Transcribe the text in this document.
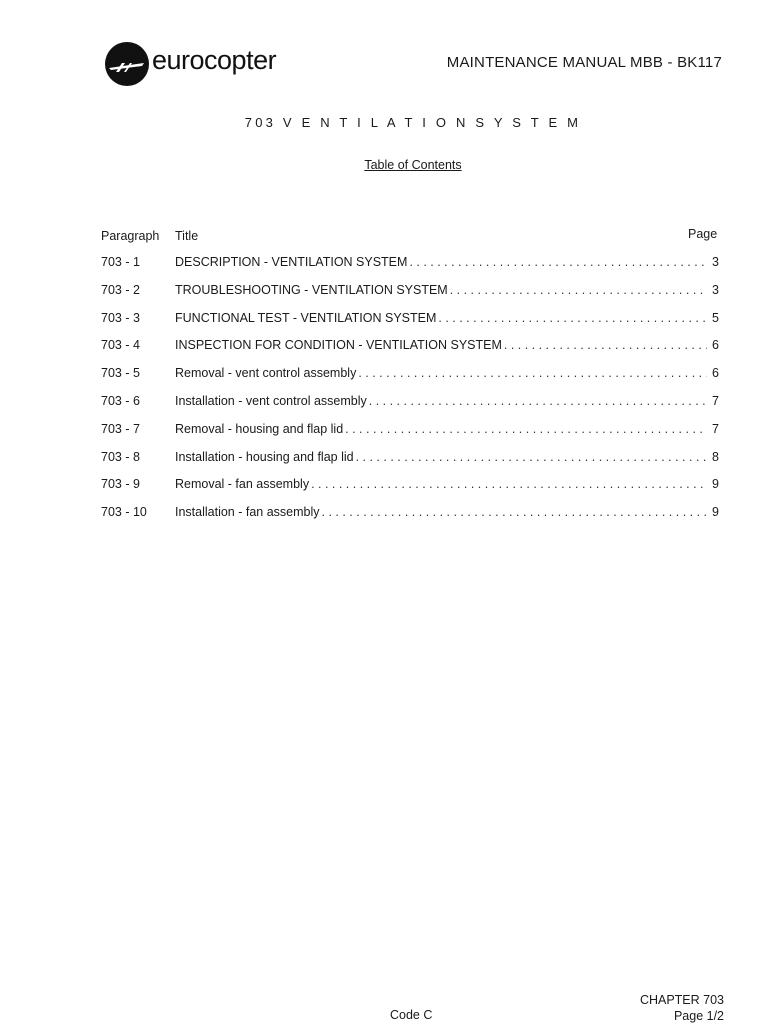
eurocopter	MAINTENANCE MANUAL MBB - BK117
703 V E N T I L A T I O N S Y S T E M
Table of Contents
Paragraph Title	Page
703 - 1	DESCRIPTION - VENTILATION SYSTEM . . .	3
703 - 2	TROUBLESHOOTING - VENTILATION SYSTEM . . .	3
703 - 3	FUNCTIONAL TEST - VENTILATION SYSTEM . . .	5
703 - 4	INSPECTION FOR CONDITION - VENTILATION SYSTEM . . .	6
703 - 5	Removal - vent control assembly . . .	6
703 - 6	Installation - vent control assembly . . .	7
703 - 7	Removal - housing and flap lid . . .	7
703 - 8	Installation - housing and flap lid . . .	8
703 - 9	Removal - fan assembly . . .	9
703 - 10	Installation - fan assembly . . .	9
Code C
CHAPTER 703
Page 1/2
